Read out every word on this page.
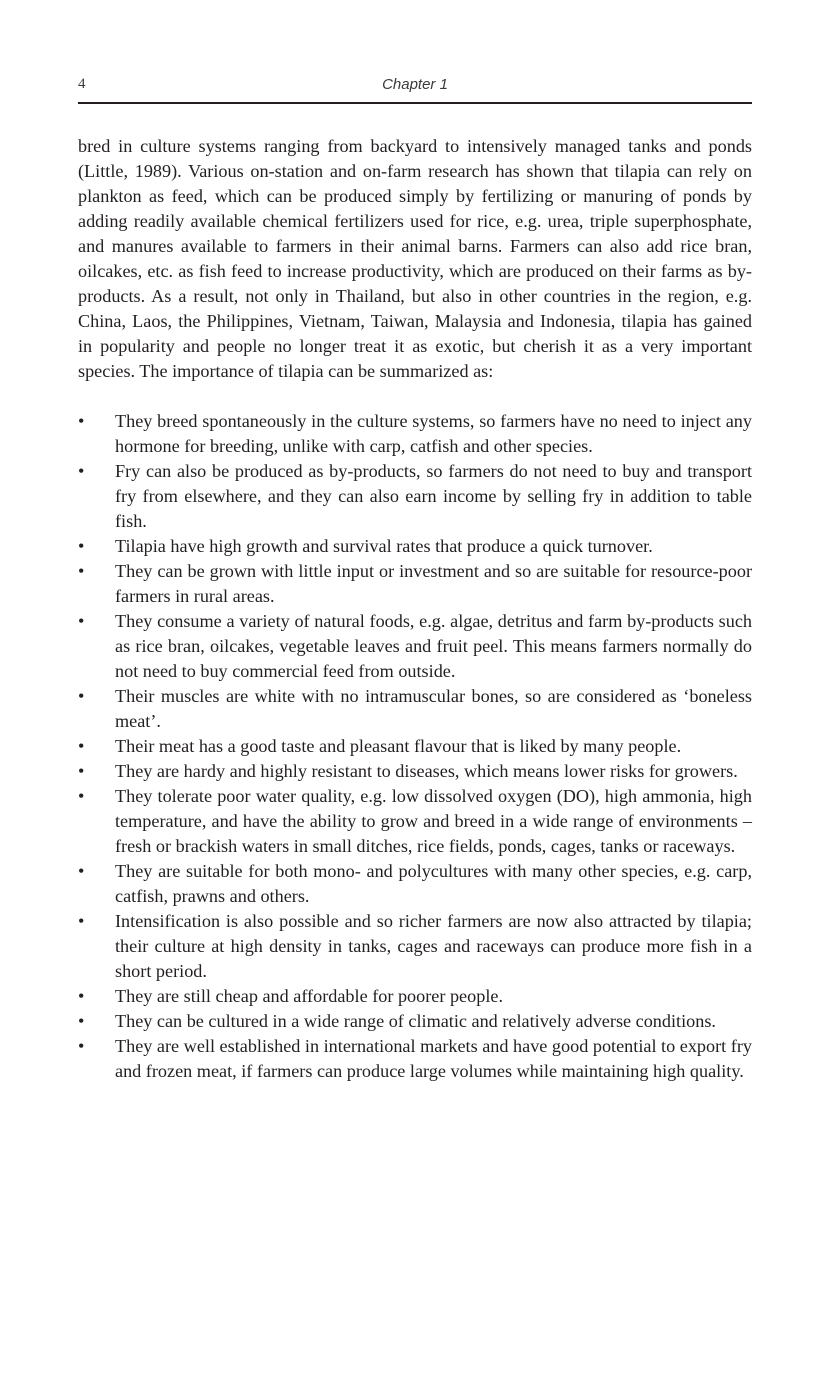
4	Chapter 1

bred in culture systems ranging from backyard to intensively managed tanks and ponds (Little, 1989). Various on-station and on-farm research has shown that tilapia can rely on plankton as feed, which can be produced simply by fertilizing or manuring of ponds by adding readily available chemical fertilizers used for rice, e.g. urea, triple superphosphate, and manures available to farmers in their animal barns. Farmers can also add rice bran, oilcakes, etc. as fish feed to increase productivity, which are produced on their farms as by-products. As a result, not only in Thailand, but also in other countries in the region, e.g. China, Laos, the Philippines, Vietnam, Taiwan, Malaysia and Indonesia, tilapia has gained in popularity and people no longer treat it as exotic, but cherish it as a very important species. The importance of tilapia can be summarized as:

• They breed spontaneously in the culture systems, so farmers have no need to inject any hormone for breeding, unlike with carp, catfish and other species.
• Fry can also be produced as by-products, so farmers do not need to buy and transport fry from elsewhere, and they can also earn income by selling fry in addition to table fish.
• Tilapia have high growth and survival rates that produce a quick turnover.
• They can be grown with little input or investment and so are suitable for resource-poor farmers in rural areas.
• They consume a variety of natural foods, e.g. algae, detritus and farm by-products such as rice bran, oilcakes, vegetable leaves and fruit peel. This means farmers normally do not need to buy commercial feed from outside.
• Their muscles are white with no intramuscular bones, so are considered as ‘boneless meat’.
• Their meat has a good taste and pleasant flavour that is liked by many people.
• They are hardy and highly resistant to diseases, which means lower risks for growers.
• They tolerate poor water quality, e.g. low dissolved oxygen (DO), high ammonia, high temperature, and have the ability to grow and breed in a wide range of environments – fresh or brackish waters in small ditches, rice fields, ponds, cages, tanks or raceways.
• They are suitable for both mono- and polycultures with many other species, e.g. carp, catfish, prawns and others.
• Intensification is also possible and so richer farmers are now also attracted by tilapia; their culture at high density in tanks, cages and raceways can produce more fish in a short period.
• They are still cheap and affordable for poorer people.
• They can be cultured in a wide range of climatic and relatively adverse conditions.
• They are well established in international markets and have good potential to export fry and frozen meat, if farmers can produce large volumes while maintaining high quality.
